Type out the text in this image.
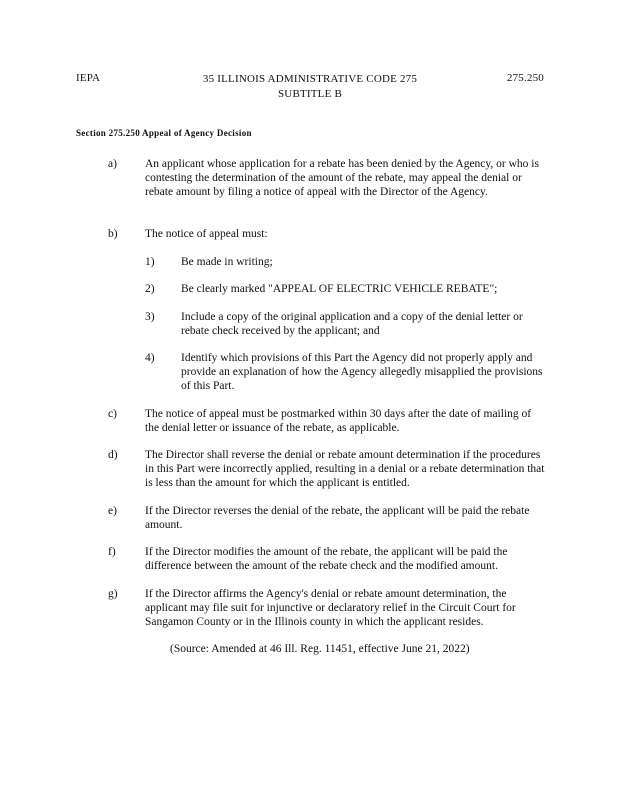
IEPA	35 ILLINOIS ADMINISTRATIVE CODE 275
SUBTITLE B
275.250
Section 275.250 Appeal of Agency Decision
a) An applicant whose application for a rebate has been denied by the Agency, or who is contesting the determination of the amount of the rebate, may appeal the denial or rebate amount by filing a notice of appeal with the Director of the Agency.
b) The notice of appeal must:
1) Be made in writing;
2) Be clearly marked "APPEAL OF ELECTRIC VEHICLE REBATE";
3) Include a copy of the original application and a copy of the denial letter or rebate check received by the applicant; and
4) Identify which provisions of this Part the Agency did not properly apply and provide an explanation of how the Agency allegedly misapplied the provisions of this Part.
c) The notice of appeal must be postmarked within 30 days after the date of mailing of the denial letter or issuance of the rebate, as applicable.
d) The Director shall reverse the denial or rebate amount determination if the procedures in this Part were incorrectly applied, resulting in a denial or a rebate determination that is less than the amount for which the applicant is entitled.
e) If the Director reverses the denial of the rebate, the applicant will be paid the rebate amount.
f)	If the Director modifies the amount of the rebate, the applicant will be paid the difference between the amount of the rebate check and the modified amount.
g) If the Director affirms the Agency's denial or rebate amount determination, the applicant may file suit for injunctive or declaratory relief in the Circuit Court for Sangamon County or in the Illinois county in which the applicant resides.
(Source: Amended at 46 Ill. Reg. 11451, effective June 21, 2022)
